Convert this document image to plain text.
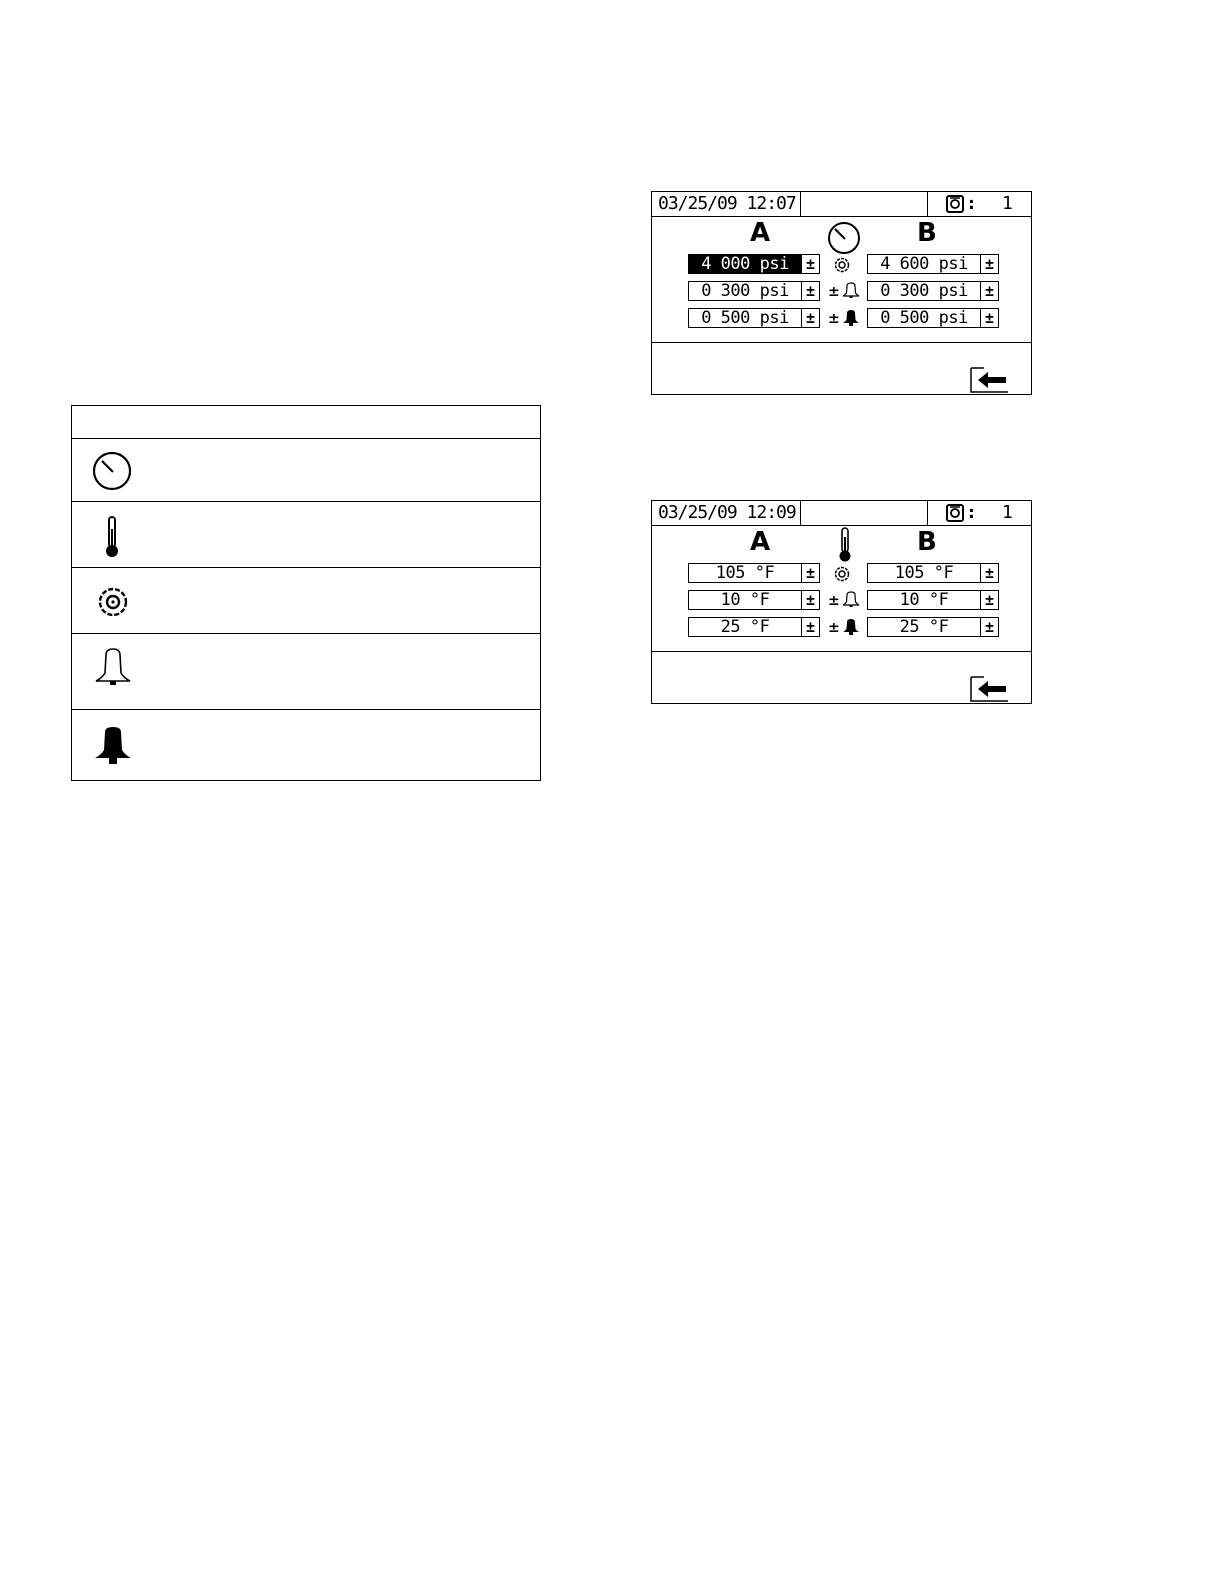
03/25/09 12:07	: 1
A	B
4 000 psi	±	4 600 psi	±
0 300 psi	± ±	0 300 psi	±
0 500 psi	± ±	0 500 psi	±
03/25/09 12:09	: 1
A	B
105 °F	±	105 °F	±
10 °F	± ±	10 °F	±
25 °F	± ±	25 °F	±
